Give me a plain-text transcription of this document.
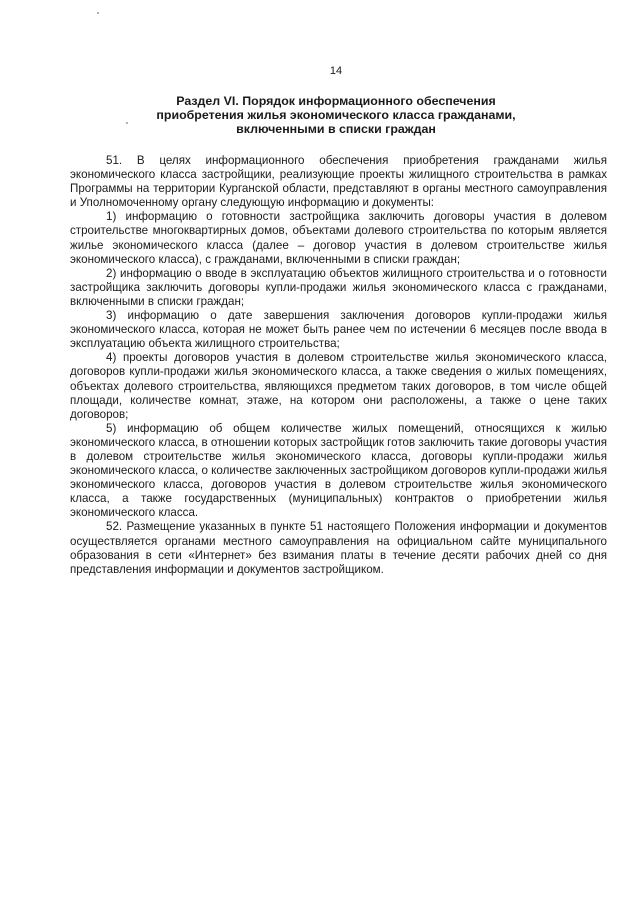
14
Раздел VI. Порядок информационного обеспечения
приобретения жилья экономического класса гражданами,
включенными в списки граждан

51. В целях информационного обеспечения приобретения гражданами жилья экономического класса застройщики, реализующие проекты жилищного строительства в рамках Программы на территории Курганской области, представляют в органы местного самоуправления и Уполномоченному органу следующую информацию и документы:

1) информацию о готовности застройщика заключить договоры участия в долевом строительстве многоквартирных домов, объектами долевого строительства по которым является жилье экономического класса (далее – договор участия в долевом строительстве жилья экономического класса), с гражданами, включенными в списки граждан;

2) информацию о вводе в эксплуатацию объектов жилищного строительства и о готовности застройщика заключить договоры купли-продажи жилья экономического класса с гражданами, включенными в списки граждан;

3) информацию о дате завершения заключения договоров купли-продажи жилья экономического класса, которая не может быть ранее чем по истечении 6 месяцев после ввода в эксплуатацию объекта жилищного строительства;

4) проекты договоров участия в долевом строительстве жилья экономического класса, договоров купли-продажи жилья экономического класса, а также сведения о жилых помещениях, объектах долевого строительства, являющихся предметом таких договоров, в том числе общей площади, количестве комнат, этаже, на котором они расположены, а также о цене таких договоров;

5) информацию об общем количестве жилых помещений, относящихся к жилью экономического класса, в отношении которых застройщик готов заключить такие договоры участия в долевом строительстве жилья экономического класса, договоры купли-продажи жилья экономического класса, о количестве заключенных застройщиком договоров купли-продажи жилья экономического класса, договоров участия в долевом строительстве жилья экономического класса, а также государственных (муниципальных) контрактов о приобретении жилья экономического класса.

52. Размещение указанных в пункте 51 настоящего Положения информации и документов осуществляется органами местного самоуправления на официальном сайте муниципального образования в сети «Интернет» без взимания платы в течение десяти рабочих дней со дня представления информации и документов застройщиком.
